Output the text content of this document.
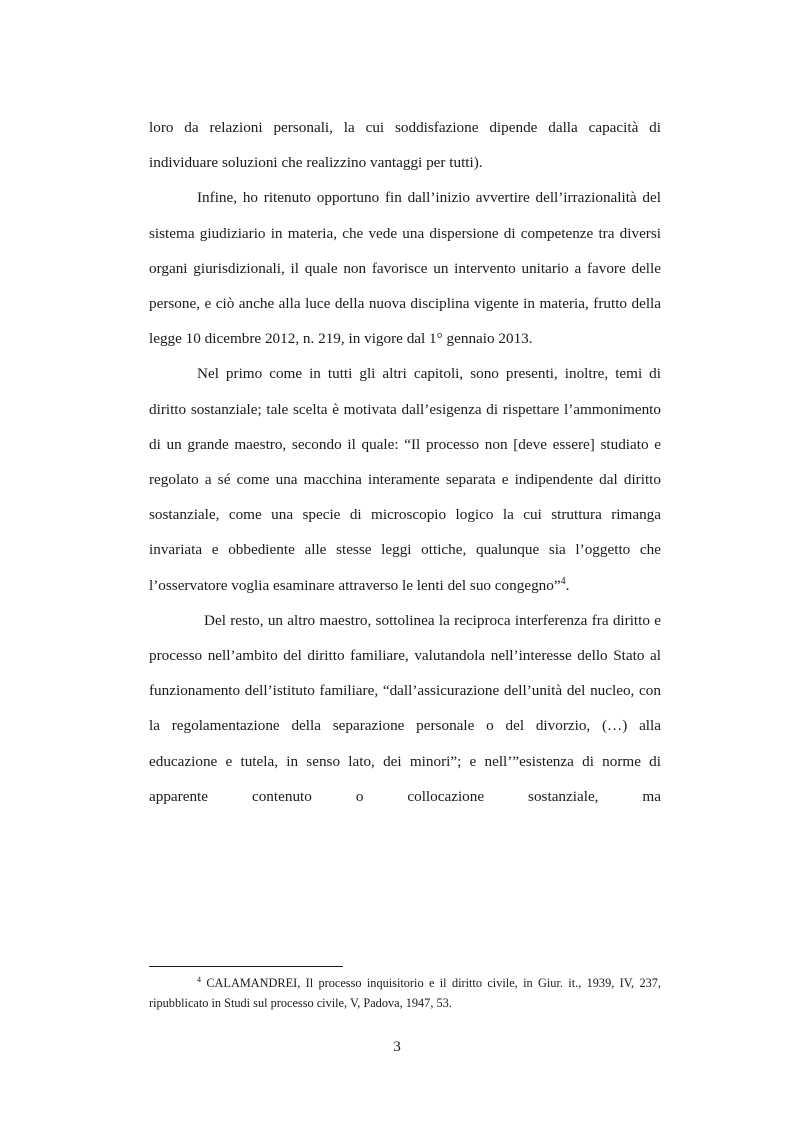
loro da relazioni personali, la cui soddisfazione dipende dalla capacità di individuare soluzioni che realizzino vantaggi per tutti).

Infine, ho ritenuto opportuno fin dall’inizio avvertire dell’irrazionalità del sistema giudiziario in materia, che vede una dispersione di competenze tra diversi organi giurisdizionali, il quale non favorisce un intervento unitario a favore delle persone, e ciò anche alla luce della nuova disciplina vigente in materia, frutto della legge 10 dicembre 2012, n. 219, in vigore dal 1° gennaio 2013.

Nel primo come in tutti gli altri capitoli, sono presenti, inoltre, temi di diritto sostanziale; tale scelta è motivata dall’esigenza di rispettare l’ammonimento di un grande maestro, secondo il quale: “Il processo non [deve essere] studiato e regolato a sé come una macchina interamente separata e indipendente dal diritto sostanziale, come una specie di microscopio logico la cui struttura rimanga invariata e obbediente alle stesse leggi ottiche, qualunque sia l’oggetto che l’osservatore voglia esaminare attraverso le lenti del suo congegno”$^4$.

Del resto, un altro maestro, sottolinea la reciproca interferenza fra diritto e processo nell’ambito del diritto familiare, valutandola nell’interesse dello Stato al funzionamento dell’istituto familiare, “dall’assicurazione dell’unità del nucleo, con la regolamentazione della separazione personale o del divorzio, (…) alla educazione e tutela, in senso lato, dei minori”; e nell’”esistenza di norme di apparente contenuto o collocazione sostanziale, ma

$^4$ CALAMANDREI, Il processo inquisitorio e il diritto civile, in Giur. it., 1939, IV, 237, ripubblicato in Studi sul processo civile, V, Padova, 1947, 53.

3
